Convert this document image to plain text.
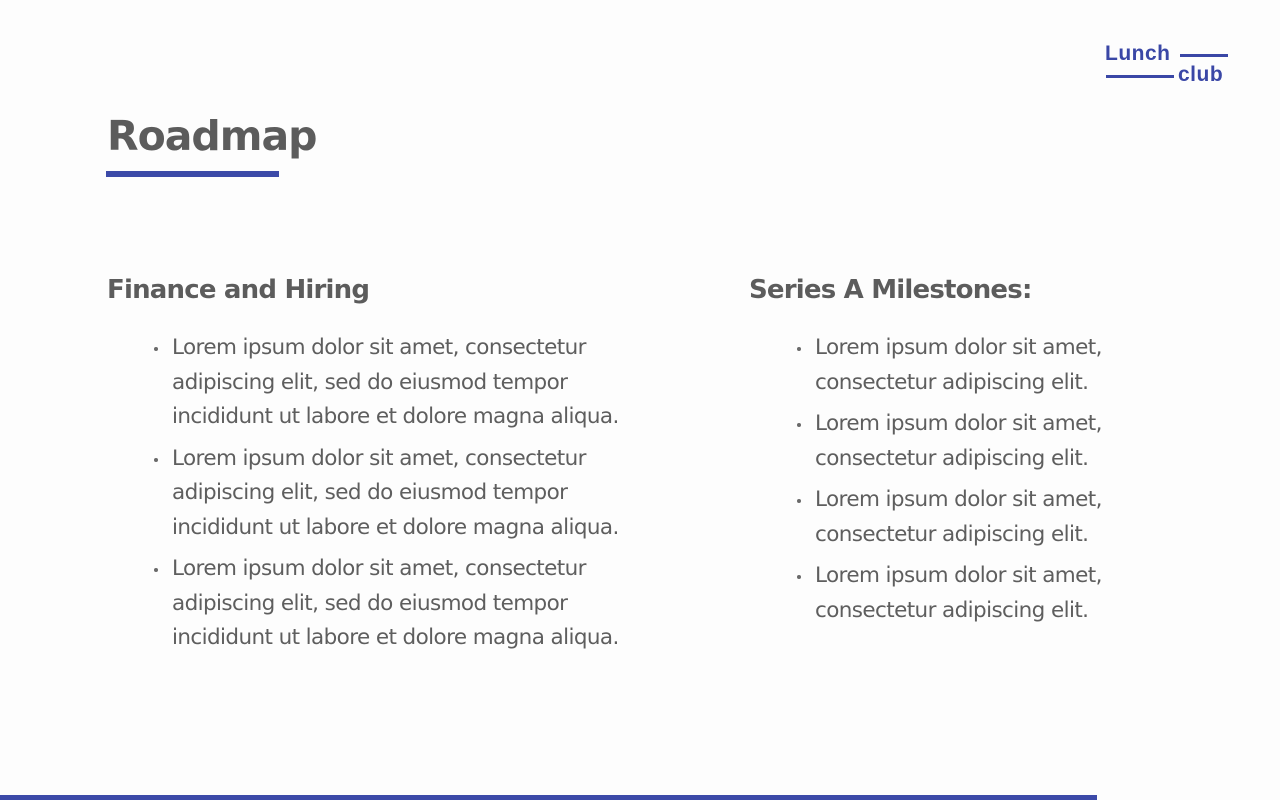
Lunch
club
Roadmap
Finance and Hiring
Lorem ipsum dolor sit amet, consectetur adipiscing elit, sed do eiusmod tempor incididunt ut labore et dolore magna aliqua.
Lorem ipsum dolor sit amet, consectetur adipiscing elit, sed do eiusmod tempor incididunt ut labore et dolore magna aliqua.
Lorem ipsum dolor sit amet, consectetur adipiscing elit, sed do eiusmod tempor incididunt ut labore et dolore magna aliqua.
Series A Milestones:
Lorem ipsum dolor sit amet, consectetur adipiscing elit.
Lorem ipsum dolor sit amet, consectetur adipiscing elit.
Lorem ipsum dolor sit amet, consectetur adipiscing elit.
Lorem ipsum dolor sit amet, consectetur adipiscing elit.
